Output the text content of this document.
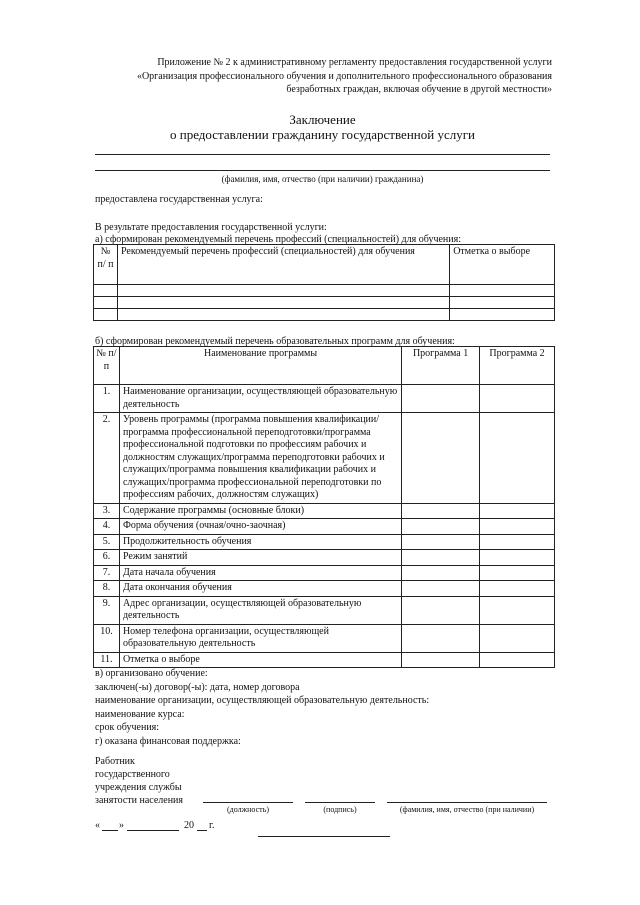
Приложение № 2 к административному регламенту предоставления государственной услуги
«Организация профессионального обучения и дополнительного профессионального образования
безработных граждан, включая обучение в другой местности»
Заключение
о предоставлении гражданину государственной услуги
(фамилия, имя, отчество (при наличии) гражданина)
предоставлена государственная услуга:
В результате предоставления государственной услуги:
а) сформирован рекомендуемый перечень профессий (специальностей) для обучения:
№ п/ п	Рекомендуемый перечень профессий (специальностей) для обучения	Отметка о выборе

б) сформирован рекомендуемый перечень образовательных программ для обучения:
№ п/ п	Наименование программы	Программа 1	Программа 2
1.	Наименование организации, осуществляющей образовательную деятельность		
2.	Уровень программы (программа повышения квалификации/программа профессиональной переподготовки/программа профессиональной подготовки по профессиям рабочих и должностям служащих/программа переподготовки рабочих и служащих/программа повышения квалификации рабочих и служащих/программа профессиональной переподготовки по профессиям рабочих, должностям служащих)		
3.	Содержание программы (основные блоки)		
4.	Форма обучения (очная/очно-заочная)		
5.	Продолжительность обучения		
6.	Режим занятий		
7.	Дата начала обучения		
8.	Дата окончания обучения		
9.	Адрес организации, осуществляющей образовательную деятельность		
10.	Номер телефона организации, осуществляющей образовательную деятельность		
11.	Отметка о выборе		
в) организовано обучение:
заключен(-ы) договор(-ы): дата, номер договора
наименование организации, осуществляющей образовательную деятельность:
наименование курса:
срок обучения:
г) оказана финансовая поддержка:
Работник
государственного
учреждения службы
занятости населения
(должность)	(подпись)	(фамилия, имя, отчество (при наличии)
« »	20 г.
